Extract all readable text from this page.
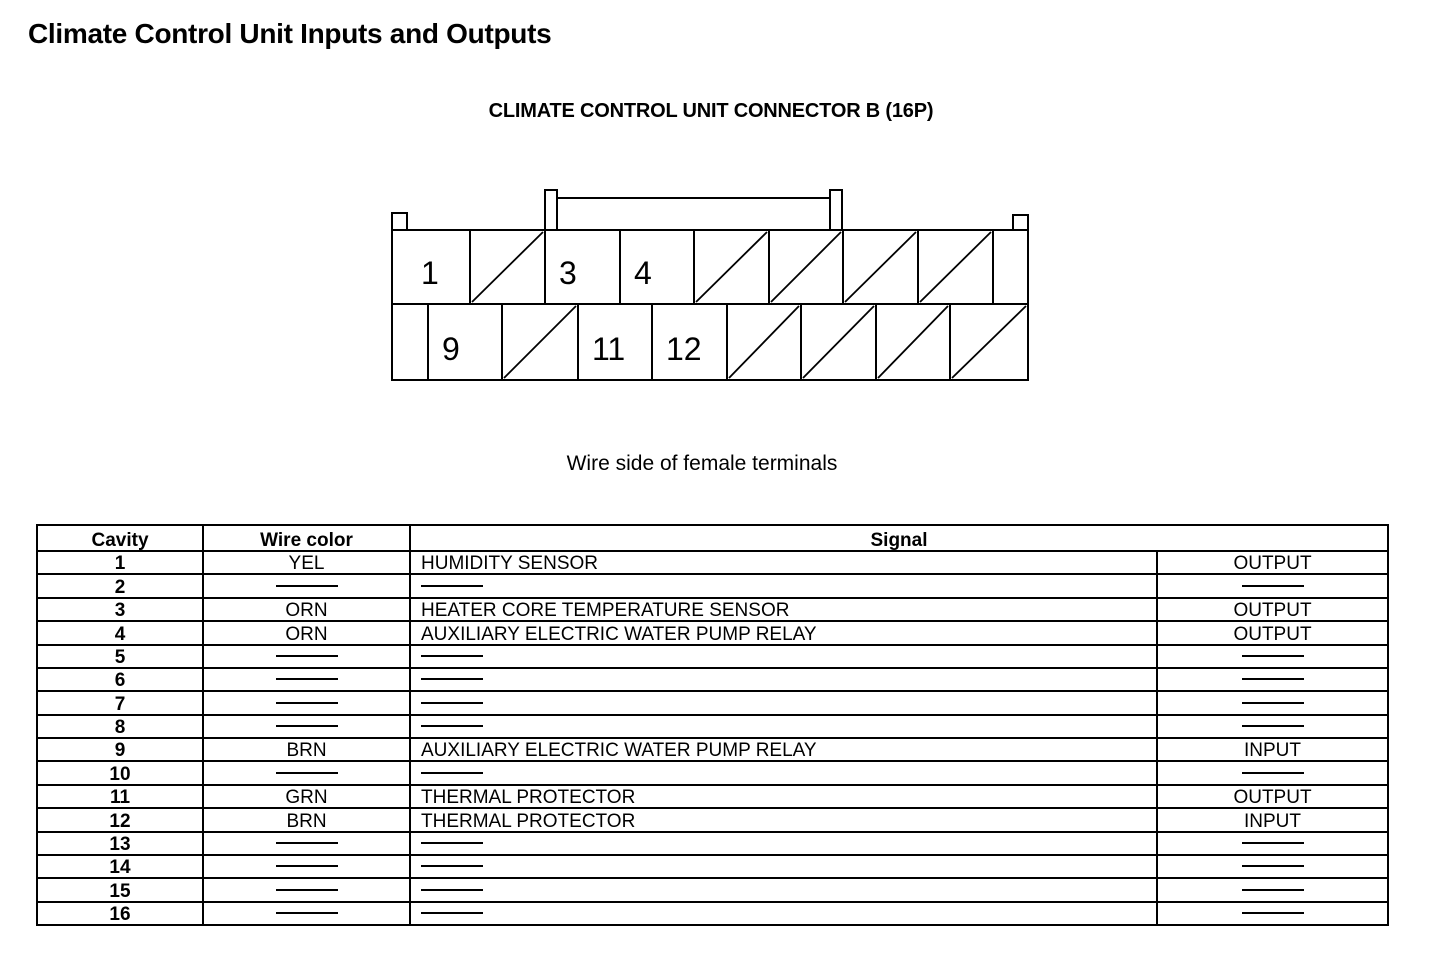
Climate Control Unit Inputs and Outputs
CLIMATE CONTROL UNIT CONNECTOR B (16P)
1	3 4
9	11 12
Wire side of female terminals
Cavity	Wire color	Signal	
1	YEL	HUMIDITY SENSOR	OUTPUT
2			
3	ORN	HEATER CORE TEMPERATURE SENSOR	OUTPUT
4	ORN	AUXILIARY ELECTRIC WATER PUMP RELAY	OUTPUT
5			
6			
7			
8			
9	BRN	AUXILIARY ELECTRIC WATER PUMP RELAY	INPUT
10			
11	GRN	THERMAL PROTECTOR	OUTPUT
12	BRN	THERMAL PROTECTOR	INPUT
13			
14			
15			
16			
